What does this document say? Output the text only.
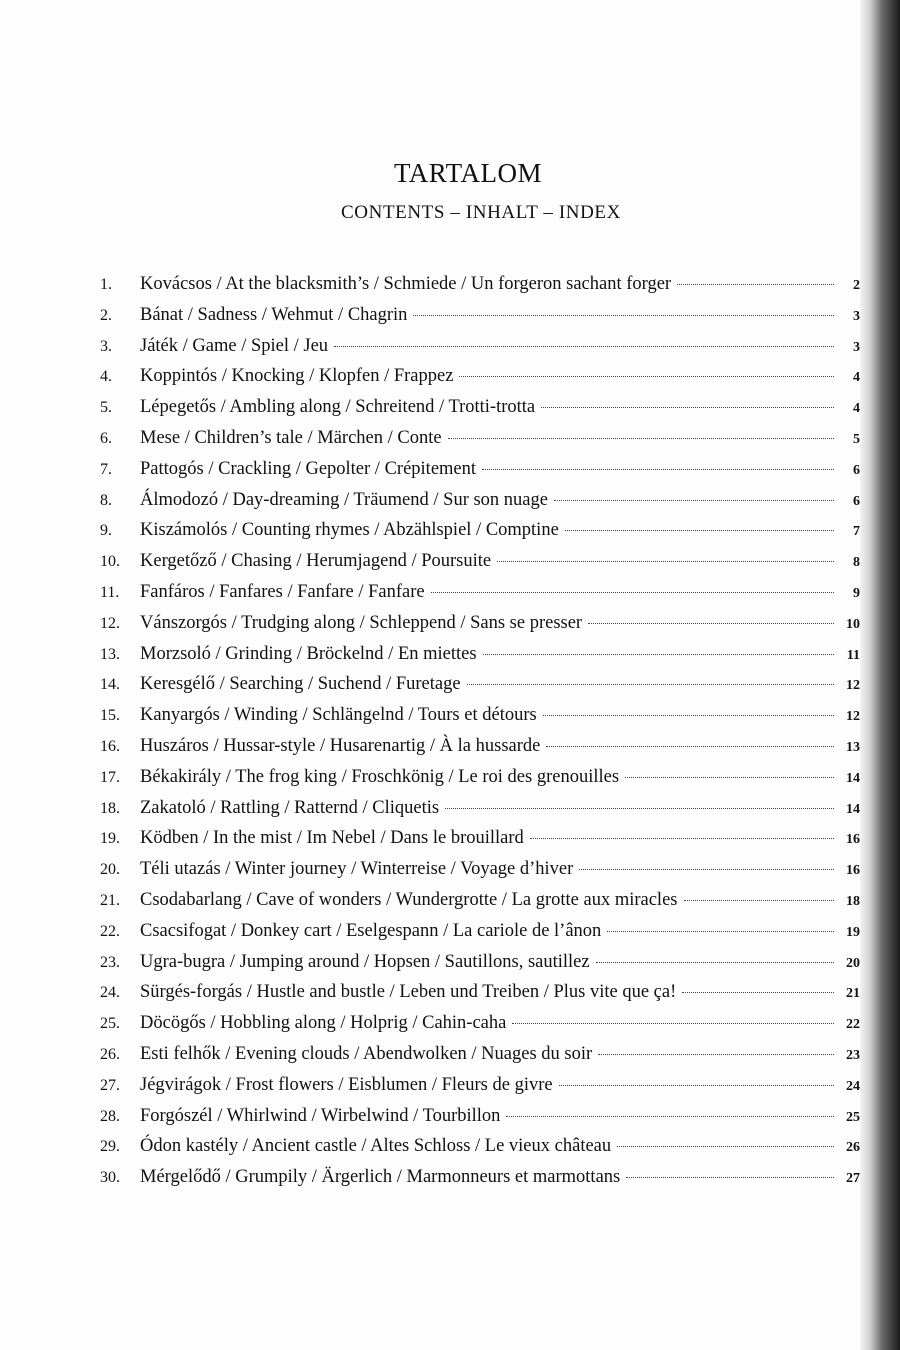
TARTALOM
CONTENTS – INHALT – INDEX
1.	Kovácsos / At the blacksmith’s / Schmiede / Un forgeron sachant forger	2
2.	Bánat / Sadness / Wehmut / Chagrin	3
3.	Játék / Game / Spiel / Jeu	3
4.	Koppintós / Knocking / Klopfen / Frappez	4
5.	Lépegetős / Ambling along / Schreitend / Trotti-trotta	4
6.	Mese / Children’s tale / Märchen / Conte	5
7.	Pattogós / Crackling / Gepolter / Crépitement	6
8.	Álmodozó / Day-dreaming / Träumend / Sur son nuage	6
9.	Kiszámolós / Counting rhymes / Abzählspiel / Comptine	7
10.	Kergetőző / Chasing / Herumjagend / Poursuite	8
11.	Fanfáros / Fanfares / Fanfare / Fanfare	9
12.	Vánszorgós / Trudging along / Schleppend / Sans se presser	10
13.	Morzsoló / Grinding / Bröckelnd / En miettes	11
14.	Keresgélő / Searching / Suchend / Furetage	12
15.	Kanyargós / Winding / Schlängelnd / Tours et détours	12
16.	Huszáros / Hussar-style / Husarenartig / À la hussarde	13
17.	Békakirály / The frog king / Froschkönig / Le roi des grenouilles	14
18.	Zakatoló / Rattling / Ratternd / Cliquetis	14
19.	Ködben / In the mist / Im Nebel / Dans le brouillard	16
20.	Téli utazás / Winter journey / Winterreise / Voyage d’hiver	16
21.	Csodabarlang / Cave of wonders / Wundergrotte / La grotte aux miracles	18
22.	Csacsifogat / Donkey cart / Eselgespann / La cariole de l’ânon	19
23.	Ugra-bugra / Jumping around / Hopsen / Sautillons, sautillez	20
24.	Sürgés-forgás / Hustle and bustle / Leben und Treiben / Plus vite que ça!	21
25.	Döcögős / Hobbling along / Holprig / Cahin-caha	22
26.	Esti felhők / Evening clouds / Abendwolken / Nuages du soir	23
27.	Jégvirágok / Frost flowers / Eisblumen / Fleurs de givre	24
28.	Forgószél / Whirlwind / Wirbelwind / Tourbillon	25
29.	Ódon kastély / Ancient castle / Altes Schloss / Le vieux château	26
30.	Mérgelődő / Grumpily / Ärgerlich / Marmonneurs et marmottans	27
